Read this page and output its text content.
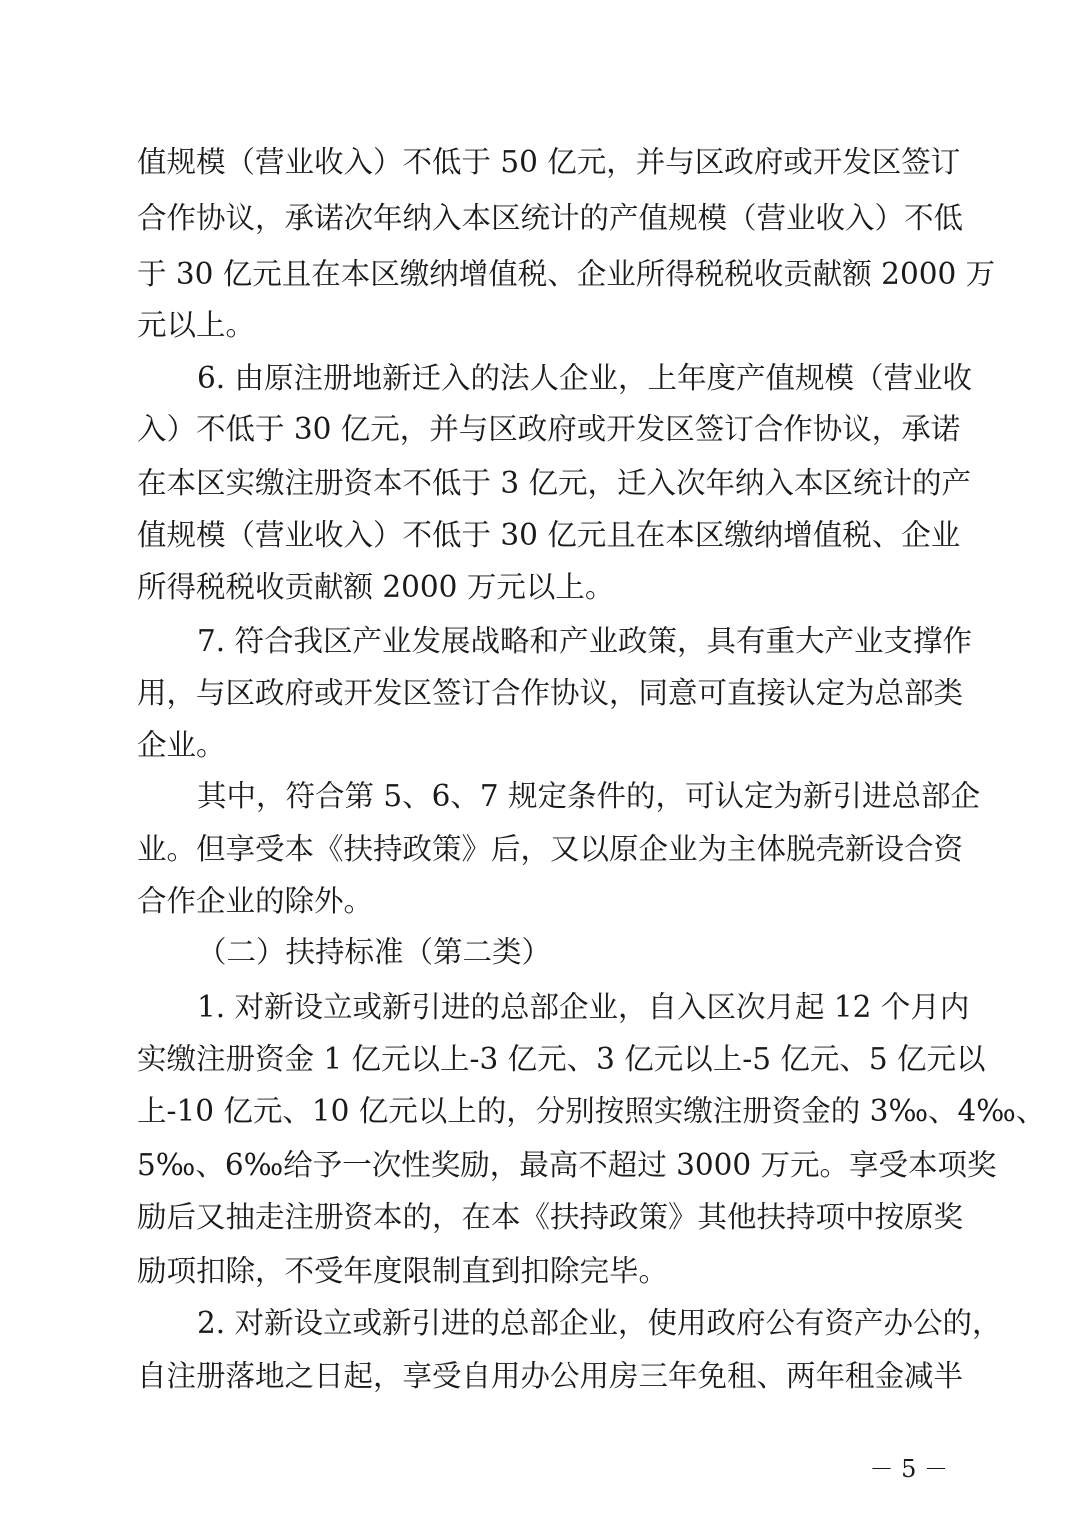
值规模（营业收入）不低于 50 亿元，并与区政府或开发区签订
合作协议，承诺次年纳入本区统计的产值规模（营业收入）不低
于 30 亿元且在本区缴纳增值税、企业所得税税收贡献额 2000 万
元以上。
6. 由原注册地新迁入的法人企业，上年度产值规模（营业收
入）不低于 30 亿元，并与区政府或开发区签订合作协议，承诺
在本区实缴注册资本不低于 3 亿元，迁入次年纳入本区统计的产
值规模（营业收入）不低于 30 亿元且在本区缴纳增值税、企业
所得税税收贡献额 2000 万元以上。
7. 符合我区产业发展战略和产业政策，具有重大产业支撑作
用，与区政府或开发区签订合作协议，同意可直接认定为总部类
企业。
其中，符合第 5、6、7 规定条件的，可认定为新引进总部企
业。但享受本《扶持政策》后，又以原企业为主体脱壳新设合资
合作企业的除外。
（二）扶持标准（第二类）
1. 对新设立或新引进的总部企业，自入区次月起 12 个月内
实缴注册资金 1 亿元以上-3 亿元、3 亿元以上-5 亿元、5 亿元以
上-10 亿元、10 亿元以上的，分别按照实缴注册资金的 3‰、4‰、
5‰、6‰给予一次性奖励，最高不超过 3000 万元。享受本项奖
励后又抽走注册资本的，在本《扶持政策》其他扶持项中按原奖
励项扣除，不受年度限制直到扣除完毕。
2. 对新设立或新引进的总部企业，使用政府公有资产办公的，
自注册落地之日起，享受自用办公用房三年免租、两年租金减半
－ 5 －
